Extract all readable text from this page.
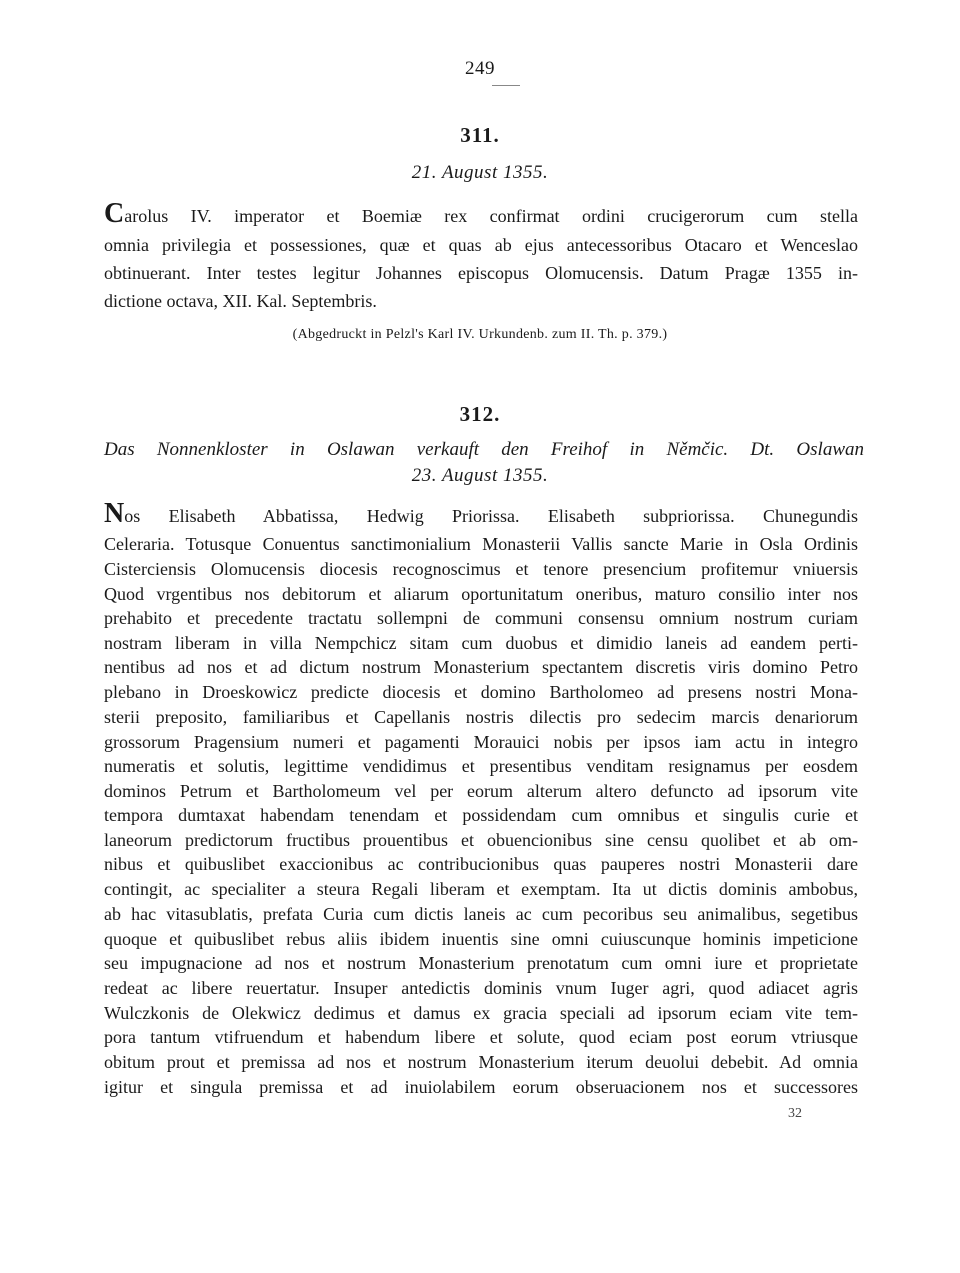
249
311.
21. August 1355.
Carolus IV. imperator et Boemiæ rex confirmat ordini crucigerorum cum stella
omnia privilegia et possessiones, quæ et quas ab ejus antecessoribus Otacaro et Wenceslao
obtinuerant. Inter testes legitur Johannes episcopus Olomucensis. Datum Pragæ 1355 in-
dictione octava, XII. Kal. Septembris.
(Abgedruckt in Pelzl's Karl IV. Urkundenb. zum II. Th. p. 379.)
312.
Das Nonnenkloster in Oslawan verkauft den Freihof in Němčic. Dt. Oslawan
23. August 1355.
Nos Elisabeth Abbatissa, Hedwig Priorissa. Elisabeth subpriorissa. Chunegundis
Celeraria. Totusque Conuentus sanctimonialium Monasterii Vallis sancte Marie in Osla Ordinis
Cisterciensis Olomucensis diocesis recognoscimus et tenore presencium profitemur vniuersis
Quod vrgentibus nos debitorum et aliarum oportunitatum oneribus, maturo consilio inter nos
prehabito et precedente tractatu sollempni de communi consensu omnium nostrum curiam
nostram liberam in villa Nempchicz sitam cum duobus et dimidio laneis ad eandem perti-
nentibus ad nos et ad dictum nostrum Monasterium spectantem discretis viris domino Petro
plebano in Droeskowicz predicte diocesis et domino Bartholomeo ad presens nostri Mona-
sterii preposito, familiaribus et Capellanis nostris dilectis pro sedecim marcis denariorum
grossorum Pragensium numeri et pagamenti Morauici nobis per ipsos iam actu in integro
numeratis et solutis, legittime vendidimus et presentibus venditam resignamus per eosdem
dominos Petrum et Bartholomeum vel per eorum alterum altero defuncto ad ipsorum vite
tempora dumtaxat habendam tenendam et possidendam cum omnibus et singulis curie et
laneorum predictorum fructibus prouentibus et obuencionibus sine censu quolibet et ab om-
nibus et quibuslibet exaccionibus ac contribucionibus quas pauperes nostri Monasterii dare
contingit, ac specialiter a steura Regali liberam et exemptam. Ita ut dictis dominis ambobus,
ab hac vitasublatis, prefata Curia cum dictis laneis ac cum pecoribus seu animalibus, segetibus
quoque et quibuslibet rebus aliis ibidem inuentis sine omni cuiuscunque hominis impeticione
seu impugnacione ad nos et nostrum Monasterium prenotatum cum omni iure et proprietate
redeat ac libere reuertatur. Insuper antedictis dominis vnum Iuger agri, quod adiacet agris
Wulczkonis de Olekwicz dedimus et damus ex gracia speciali ad ipsorum eciam vite tem-
pora tantum vtifruendum et habendum libere et solute, quod eciam post eorum vtriusque
obitum prout et premissa ad nos et nostrum Monasterium iterum deuolui debebit. Ad omnia
igitur et singula premissa et ad inuiolabilem eorum obseruacionem nos et successores
32
